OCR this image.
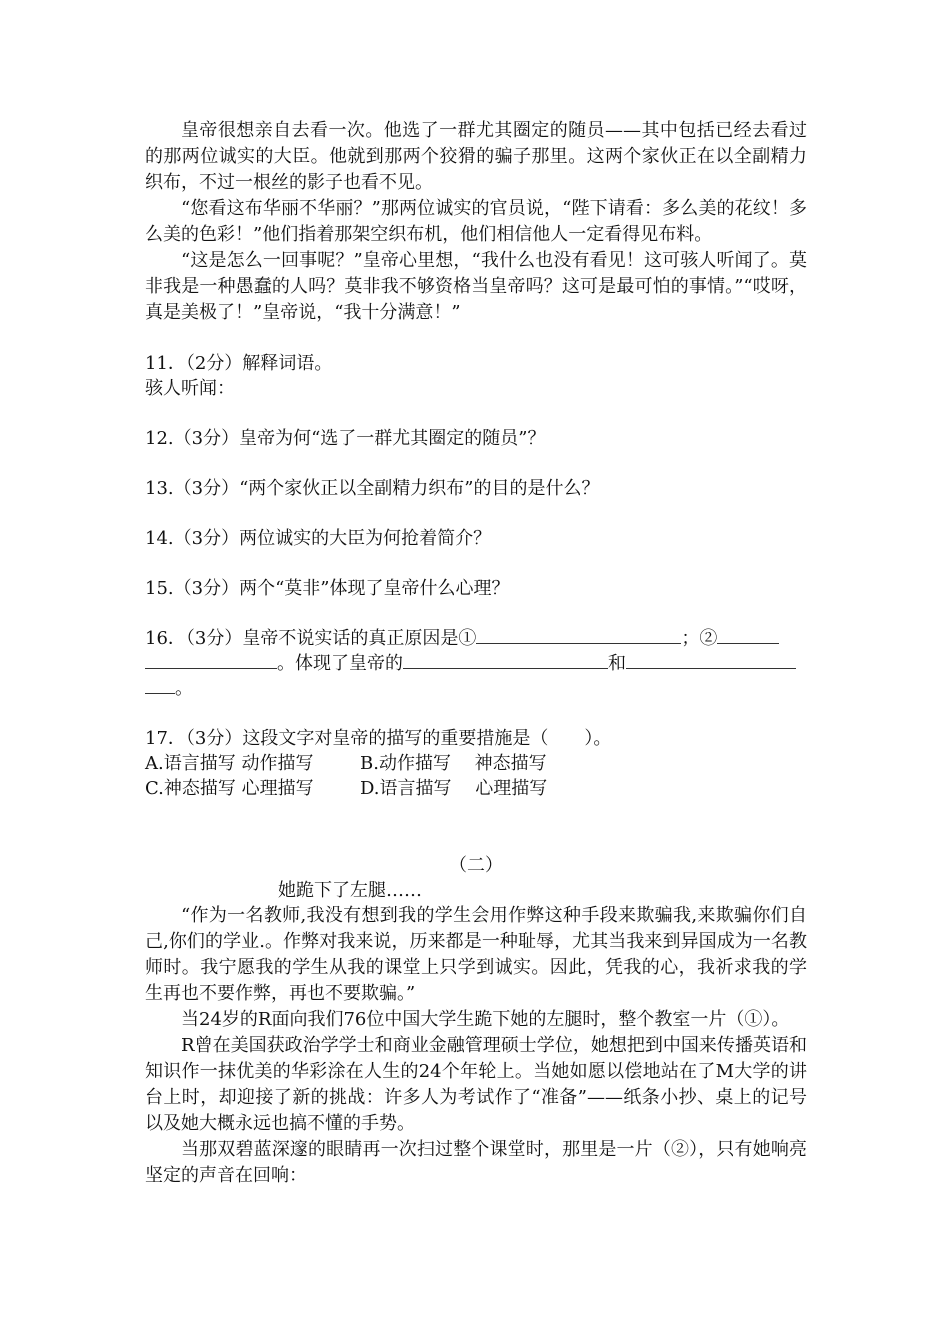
皇帝很想亲自去看一次。他选了一群尤其圈定的随员——其中包括已经去看过的那两位诚实的大臣。他就到那两个狡猾的骗子那里。这两个家伙正在以全副精力织布，不过一根丝的影子也看不见。

“您看这布华丽不华丽？”那两位诚实的官员说，“陛下请看：多么美的花纹！多么美的色彩！”他们指着那架空织布机，他们相信他人一定看得见布料。

“这是怎么一回事呢？”皇帝心里想，“我什么也没有看见！这可骇人听闻了。莫非我是一种愚蠢的人吗？莫非我不够资格当皇帝吗？这可是最可怕的事情。”“哎呀，真是美极了！”皇帝说，“我十分满意！”

11．（2分）解释词语。

骇人听闻：

12.（3分）皇帝为何“选了一群尤其圈定的随员”？

13.（3分）“两个家伙正以全副精力织布”的目的是什么？

14.（3分）两位诚实的大臣为何抢着简介？

15.（3分）两个“莫非”体现了皇帝什么心理？

16．（3分）皇帝不说实话的真正原因是①	；②
。体现了皇帝的	和
。

17．（3分）这段文字对皇帝的描写的重要措施是（　　）。

A.语言描写 动作描写	B.动作描写　 神态描写
C.神态描写 心理描写	D.语言描写　 心理描写

（二）

她跪下了左腿……

“作为一名教师,我没有想到我的学生会用作弊这种手段来欺骗我,来欺骗你们自己,你们的学业.。作弊对我来说，历来都是一种耻辱，尤其当我来到异国成为一名教师时。我宁愿我的学生从我的课堂上只学到诚实。因此，凭我的心，我祈求我的学生再也不要作弊，再也不要欺骗。”

当24岁的R面向我们76位中国大学生跪下她的左腿时，整个教室一片（①）。

R曾在美国获政治学学士和商业金融管理硕士学位，她想把到中国来传播英语和知识作一抹优美的华彩涂在人生的24个年轮上。当她如愿以偿地站在了M大学的讲台上时，却迎接了新的挑战：许多人为考试作了“准备”——纸条小抄、桌上的记号以及她大概永远也搞不懂的手势。

当那双碧蓝深邃的眼睛再一次扫过整个课堂时，那里是一片（②），只有她响亮坚定的声音在回响：
